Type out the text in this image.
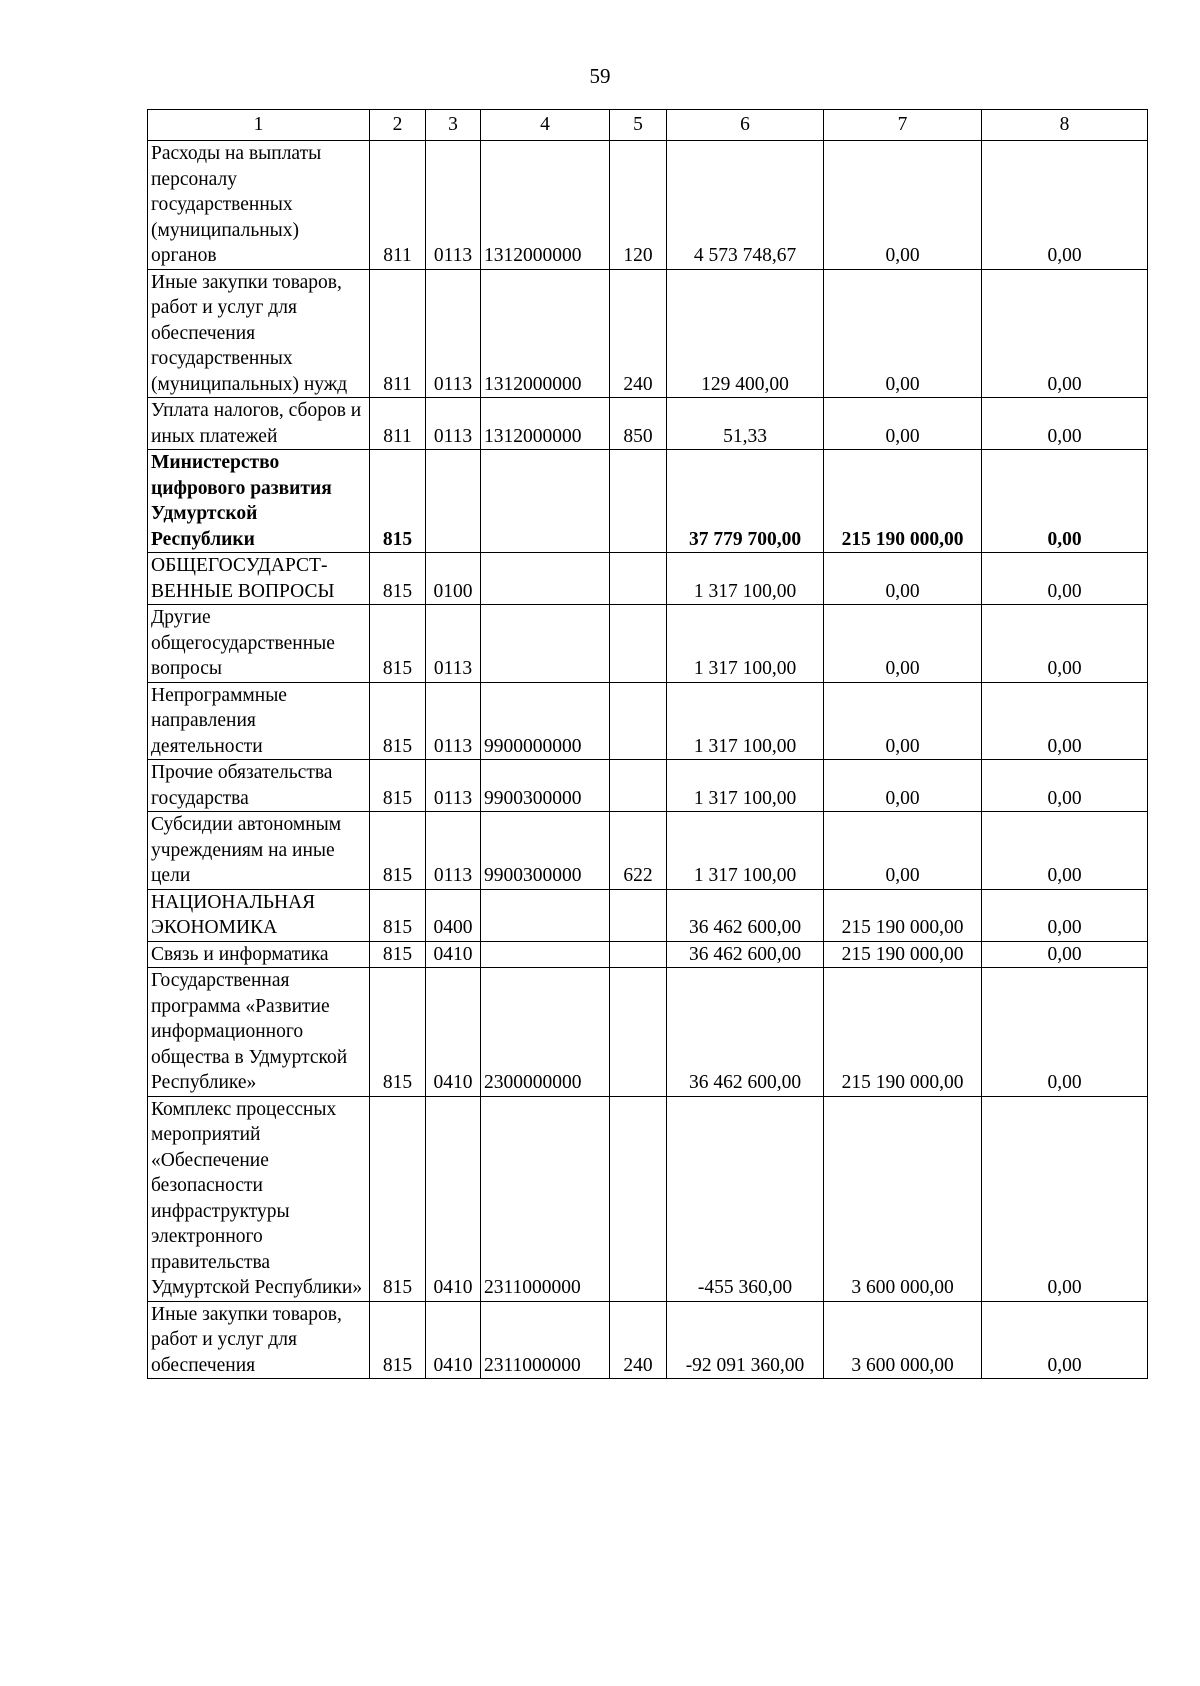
59
1	2	3	4	5	6	7	8
Расходы на выплаты персоналу государственных (муниципальных) органов	811	0113	1312000000	120	4 573 748,67	0,00	0,00
Иные закупки товаров, работ и услуг для обеспечения государственных (муниципальных) нужд	811	0113	1312000000	240	129 400,00	0,00	0,00
Уплата налогов, сборов и иных платежей	811	0113	1312000000	850	51,33	0,00	0,00
Министерство цифрового развития Удмуртской Республики	815				37 779 700,00	215 190 000,00	0,00
ОБЩЕГОСУДАРСТ-ВЕННЫЕ ВОПРОСЫ	815	0100			1 317 100,00	0,00	0,00
Другие общегосударственные вопросы	815	0113			1 317 100,00	0,00	0,00
Непрограммные направления деятельности	815	0113	9900000000		1 317 100,00	0,00	0,00
Прочие обязательства государства	815	0113	9900300000		1 317 100,00	0,00	0,00
Субсидии автономным учреждениям на иные цели	815	0113	9900300000	622	1 317 100,00	0,00	0,00
НАЦИОНАЛЬНАЯ ЭКОНОМИКА	815	0400			36 462 600,00	215 190 000,00	0,00
Связь и информатика	815	0410			36 462 600,00	215 190 000,00	0,00
Государственная программа «Развитие информационного общества в Удмуртской Республике»	815	0410	2300000000		36 462 600,00	215 190 000,00	0,00
Комплекс процессных мероприятий «Обеспечение безопасности инфраструктуры электронного правительства Удмуртской Республики»	815	0410	2311000000		-455 360,00	3 600 000,00	0,00
Иные закупки товаров, работ и услуг для обеспечения	815	0410	2311000000	240	-92 091 360,00	3 600 000,00	0,00
